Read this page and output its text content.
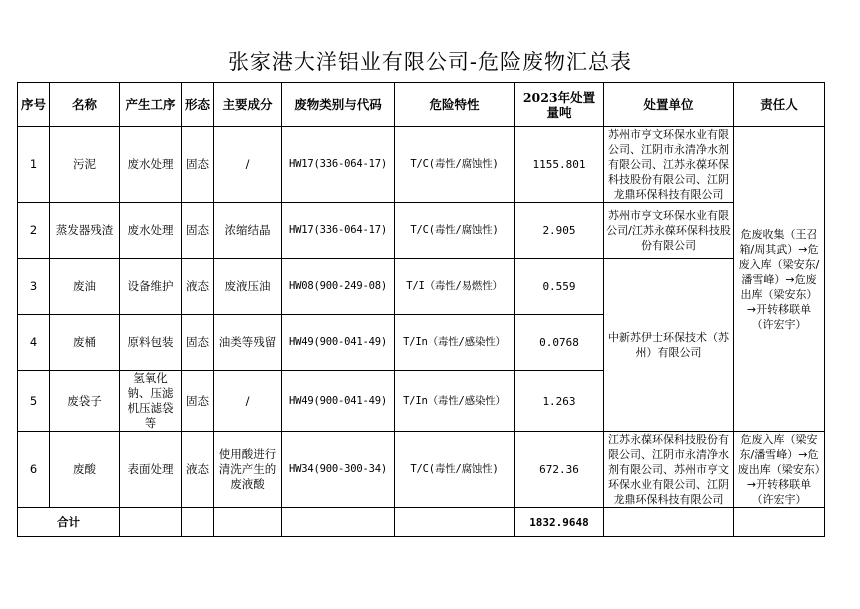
张家港大洋铝业有限公司-危险废物汇总表
序号	名称	产生工序	形态	主要成分	废物类别与代码	危险特性	2023年处置量吨	处置单位	责任人
1	污泥	废水处理	固态	/	HW17(336-064-17)	T/C(毒性/腐蚀性)	1155.801	苏州市亨文环保水业有限公司、江阴市永清净水剂有限公司、江苏永葆环保科技股份有限公司、江阴龙鼎环保科技有限公司	危废收集（王召箱/周其武）→危废入库（梁安东/潘雪峰）→危废出库（梁安东）→开转移联单（许宏宇）
2	蒸发器残渣	废水处理	固态	浓缩结晶	HW17(336-064-17)	T/C(毒性/腐蚀性)	2.905	苏州市亨文环保水业有限公司/江苏永葆环保科技股份有限公司	
3	废油	设备维护	液态	废液压油	HW08(900-249-08)	T/I（毒性/易燃性）	0.559	中新苏伊士环保技术（苏州）有限公司	
4	废桶	原料包装	固态	油类等残留	HW49(900-041-49)	T/In（毒性/感染性）	0.0768		
5	废袋子	氢氧化钠、压滤机压滤袋等	固态	/	HW49(900-041-49)	T/In（毒性/感染性）	1.263		
6	废酸	表面处理	液态	使用酸进行清洗产生的废液酸	HW34(900-300-34)	T/C(毒性/腐蚀性)	672.36	江苏永葆环保科技股份有限公司、江阴市永清净水剂有限公司、苏州市亨文环保水业有限公司、江阴龙鼎环保科技有限公司	危废入库（梁安东/潘雪峰）→危废出库（梁安东）→开转移联单（许宏宇）
合计							1832.9648		
